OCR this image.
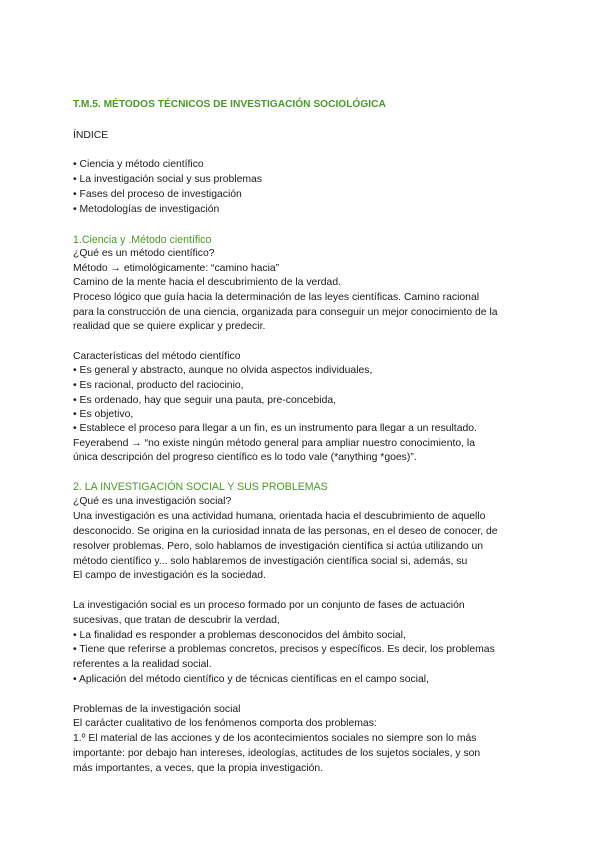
T.M.5. MÉTODOS TÉCNICOS DE INVESTIGACIÓN SOCIOLÓGICA
ÍNDICE
• Ciencia y método científico
• La investigación social y sus problemas
• Fases del proceso de investigación
• Metodologías de investigación
1.Ciencia y .Método científico
¿Qué es un método científico?
Método → etimológicamente: “camino hacia”
Camino de la mente hacia el descubrimiento de la verdad.
Proceso lógico que guía hacia la determinación de las leyes científicas. Camino racional
para la construcción de una ciencia, organizada para conseguir un mejor conocimiento de la
realidad que se quiere explicar y predecir.
Características del método científico
• Es general y abstracto, aunque no olvida aspectos individuales,
• Es racional, producto del raciocinio,
• Es ordenado, hay que seguir una pauta, pre-concebida,
• Es objetivo,
• Establece el proceso para llegar a un fin, es un instrumento para llegar a un resultado.
Feyerabend → “no existe ningún método general para ampliar nuestro conocimiento, la
única descripción del progreso científico es lo todo vale (*anything *goes)”.
2. LA INVESTIGACIÓN SOCIAL Y SUS PROBLEMAS
¿Qué es una investigación social?
Una investigación es una actividad humana, orientada hacia el descubrimiento de aquello
desconocido. Se origina en la curiosidad innata de las personas, en el deseo de conocer, de
resolver problemas. Pero, solo hablamos de investigación científica si actúa utilizando un
método científico y... solo hablaremos de investigación científica social si, además, su
El campo de investigación es la sociedad.
La investigación social es un proceso formado por un conjunto de fases de actuación
sucesivas, que tratan de descubrir la verdad,
• La finalidad es responder a problemas desconocidos del ámbito social,
• Tiene que referirse a problemas concretos, precisos y específicos. Es decir, los problemas
referentes a la realidad social.
• Aplicación del método científico y de técnicas científicas en el campo social,
Problemas de la investigación social
El carácter cualitativo de los fenómenos comporta dos problemas:
1.º El material de las acciones y de los acontecimientos sociales no siempre son lo más
importante: por debajo han intereses, ideologías, actitudes de los sujetos sociales, y son
más importantes, a veces, que la propia investigación.
